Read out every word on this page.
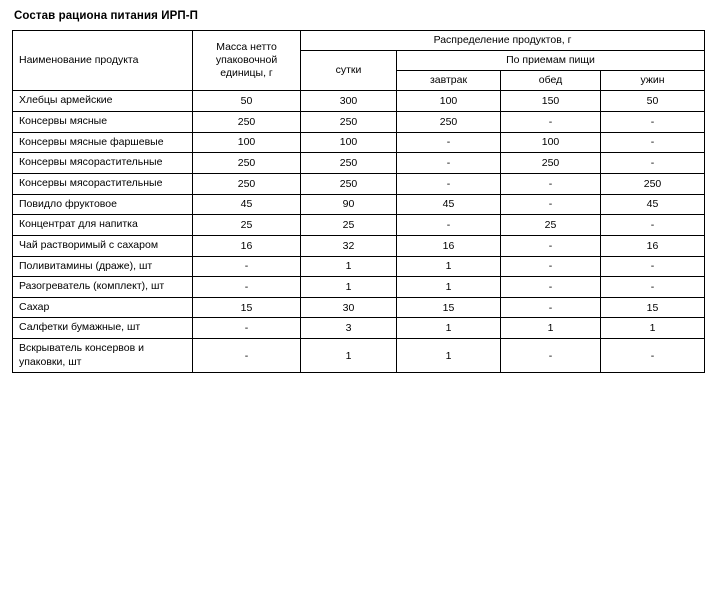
Состав рациона питания ИРП-П
Наименование продукта	Масса нетто упаковочной единицы, г	Распределение продуктов, г			
		сутки	По приемам пищи		
			завтрак	обед	ужин
Хлебцы армейские	50	300	100	150	50
Консервы мясные	250	250	250	-	-
Консервы мясные фаршевые	100	100	-	100	-
Консервы мясорастительные	250	250	-	250	-
Консервы мясорастительные	250	250	-	-	250
Повидло фруктовое	45	90	45	-	45
Концентрат для напитка	25	25	-	25	-
Чай растворимый с сахаром	16	32	16	-	16
Поливитамины (драже), шт	-	1	1	-	-
Разогреватель (комплект), шт	-	1	1	-	-
Сахар	15	30	15	-	15
Салфетки бумажные, шт	-	3	1	1	1
Вскрыватель консервов и упаковки, шт	-	1	1	-	-
